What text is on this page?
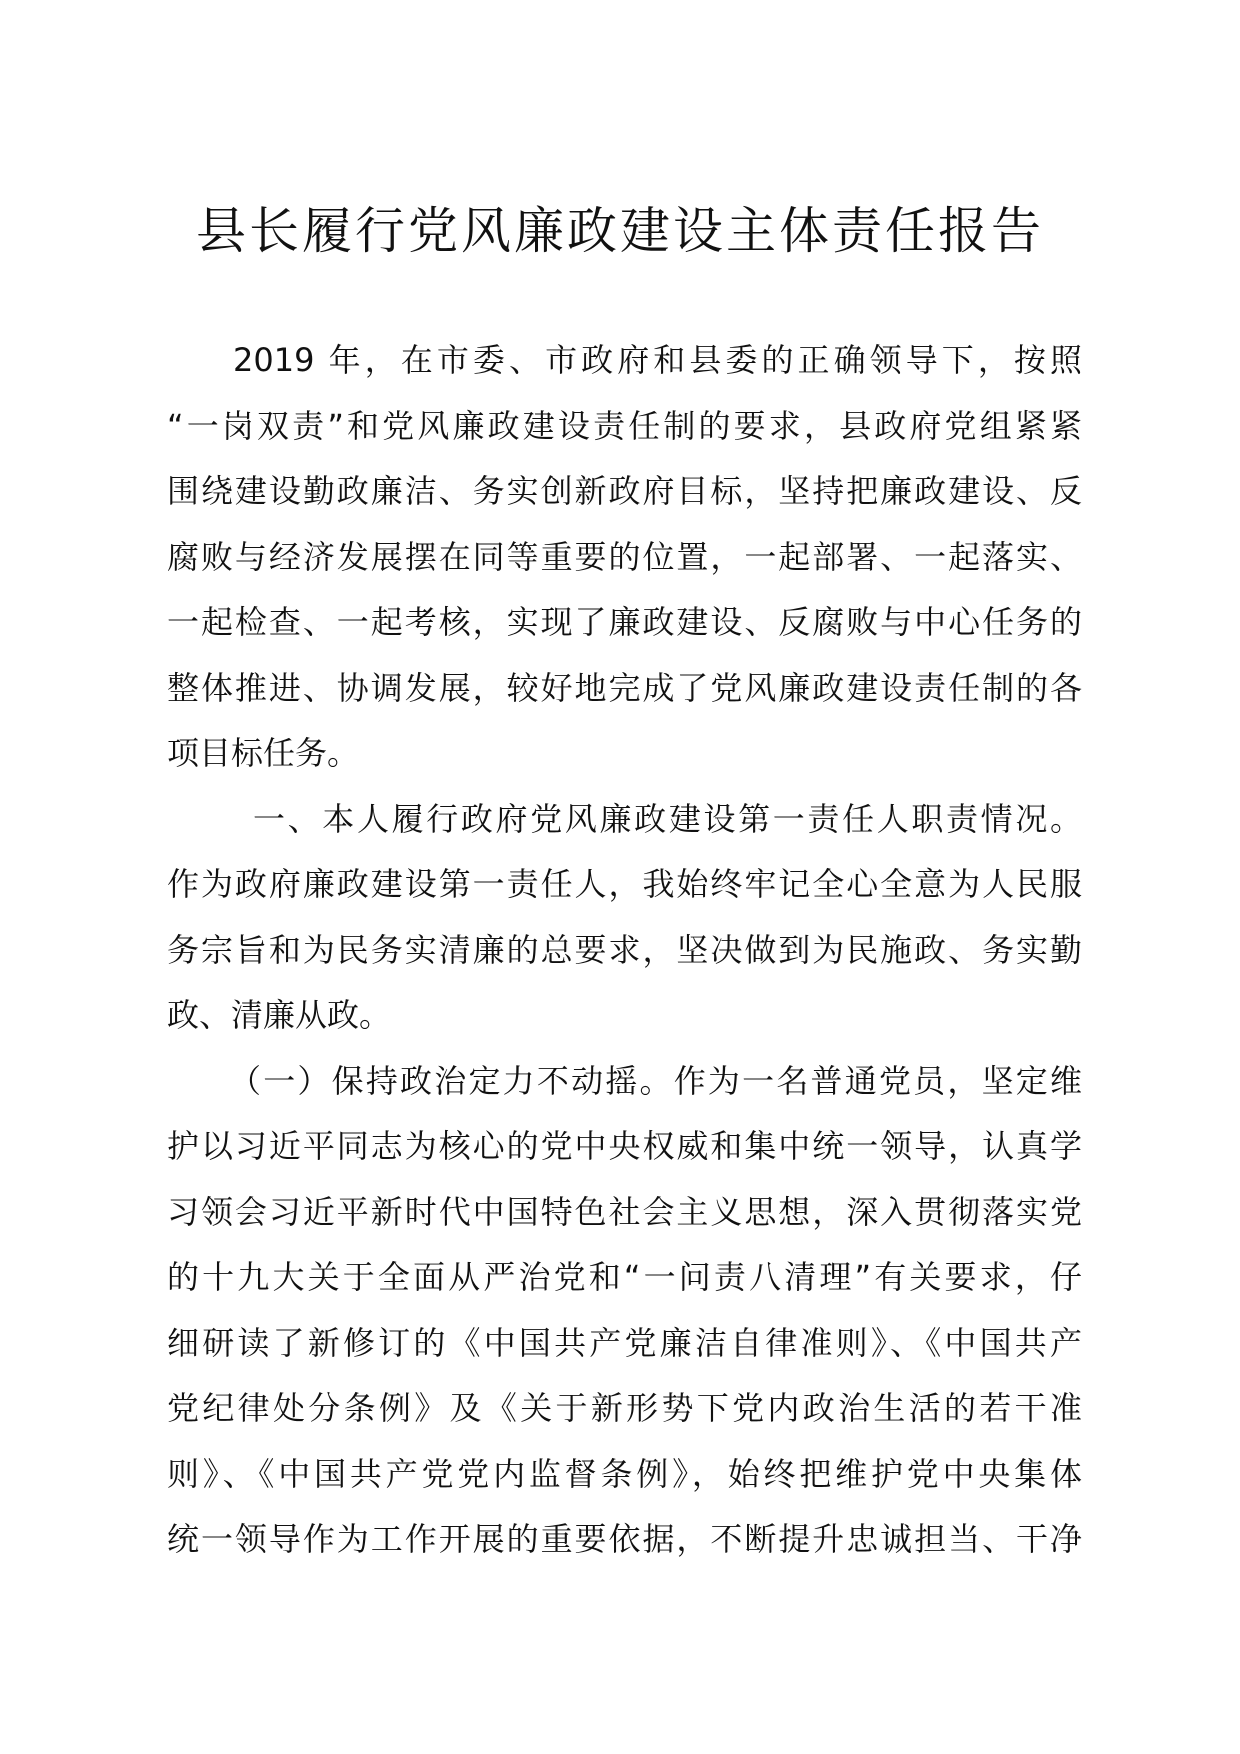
县长履行党风廉政建设主体责任报告
2019 年，在市委、市政府和县委的正确领导下，按照
“一岗双责”和党风廉政建设责任制的要求，县政府党组紧紧
围绕建设勤政廉洁、务实创新政府目标，坚持把廉政建设、反
腐败与经济发展摆在同等重要的位置，一起部署、一起落实、
一起检查、一起考核，实现了廉政建设、反腐败与中心任务的
整体推进、协调发展，较好地完成了党风廉政建设责任制的各
项目标任务。
一、本人履行政府党风廉政建设第一责任人职责情况。
作为政府廉政建设第一责任人，我始终牢记全心全意为人民服
务宗旨和为民务实清廉的总要求，坚决做到为民施政、务实勤
政、清廉从政。
（一）保持政治定力不动摇。作为一名普通党员，坚定维
护以习近平同志为核心的党中央权威和集中统一领导，认真学
习领会习近平新时代中国特色社会主义思想，深入贯彻落实党
的十九大关于全面从严治党和“一问责八清理”有关要求，仔
细研读了新修订的《中国共产党廉洁自律准则》、《中国共产
党纪律处分条例》及《关于新形势下党内政治生活的若干准
则》、《中国共产党党内监督条例》，始终把维护党中央集体
统一领导作为工作开展的重要依据，不断提升忠诚担当、干净
